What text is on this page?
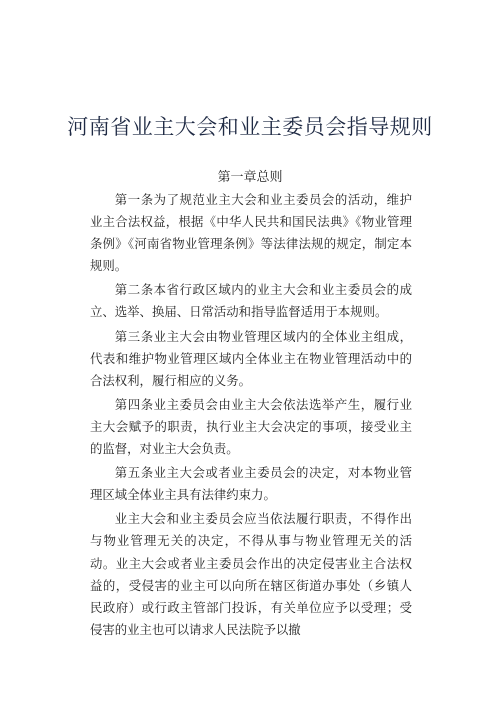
河南省业主大会和业主委员会指导规则
第一章总则

第一条为了规范业主大会和业主委员会的活动，维护业主合法权益，根据《中华人民共和国民法典》《物业管理条例》《河南省物业管理条例》等法律法规的规定，制定本规则。

第二条本省行政区域内的业主大会和业主委员会的成立、选举、换届、日常活动和指导监督适用于本规则。

第三条业主大会由物业管理区域内的全体业主组成，代表和维护物业管理区域内全体业主在物业管理活动中的合法权利，履行相应的义务。

第四条业主委员会由业主大会依法选举产生，履行业主大会赋予的职责，执行业主大会决定的事项，接受业主的监督，对业主大会负责。

第五条业主大会或者业主委员会的决定，对本物业管理区域全体业主具有法律约束力。

业主大会和业主委员会应当依法履行职责，不得作出与物业管理无关的决定，不得从事与物业管理无关的活动。业主大会或者业主委员会作出的决定侵害业主合法权益的，受侵害的业主可以向所在辖区街道办事处（乡镇人民政府）或行政主管部门投诉，有关单位应予以受理；受侵害的业主也可以请求人民法院予以撤
